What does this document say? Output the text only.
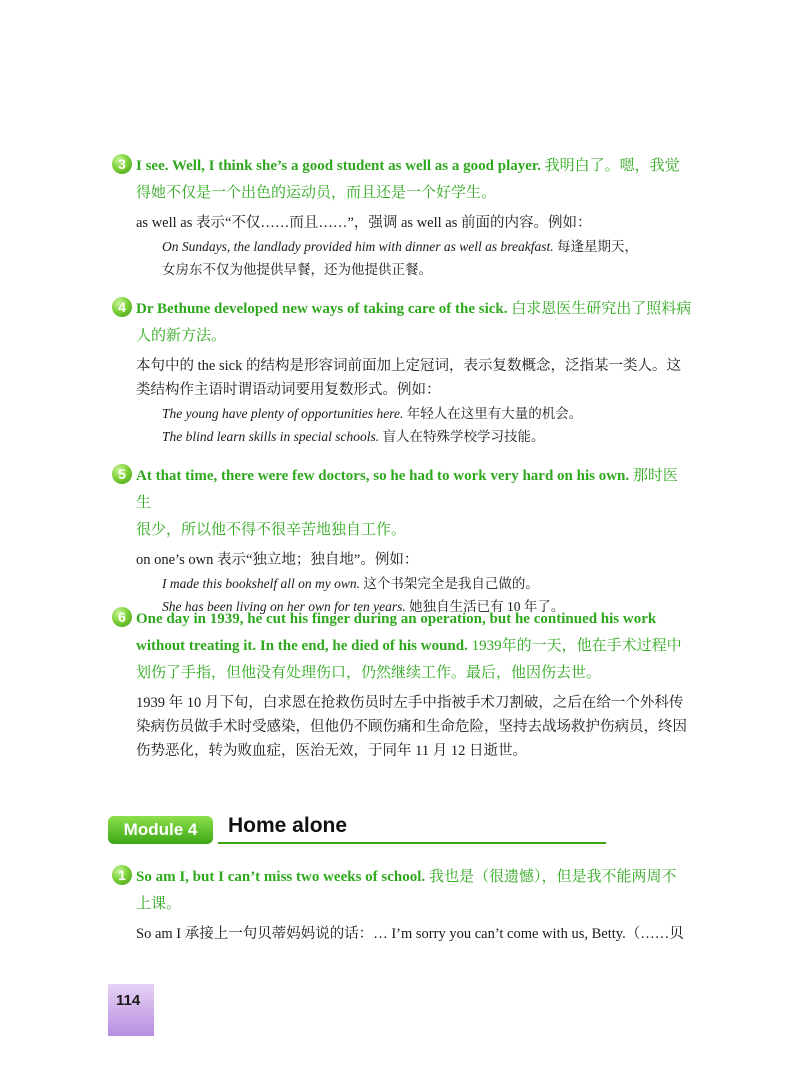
3 I see. Well, I think she’s a good student as well as a good player. 我明白了。嗯，我觉
得她不仅是一个出色的运动员，而且还是一个好学生。
as well as 表示“不仅……而且……”，强调 as well as 前面的内容。例如：
On Sundays, the landlady provided him with dinner as well as breakfast. 每逢星期天，
女房东不仅为他提供早餐，还为他提供正餐。
4 Dr Bethune developed new ways of taking care of the sick. 白求恩医生研究出了照料病
人的新方法。
本句中的 the sick 的结构是形容词前面加上定冠词，表示复数概念，泛指某一类人。这类结构作主语时谓语动词要用复数形式。例如：
The young have plenty of opportunities here. 年轻人在这里有大量的机会。
The blind learn skills in special schools. 盲人在特殊学校学习技能。
5 At that time, there were few doctors, so he had to work very hard on his own. 那时医生
很少，所以他不得不很辛苦地独自工作。
on one’s own 表示“独立地；独自地”。例如：
I made this bookshelf all on my own. 这个书架完全是我自己做的。
She has been living on her own for ten years. 她独自生活已有 10 年了。
6 One day in 1939, he cut his finger during an operation, but he continued his work without treating it. In the end, he died of his wound. 1939年的一天，他在手术过程中
划伤了手指，但他没有处理伤口，仍然继续工作。最后，他因伤去世。
1939 年 10 月下旬，白求恩在抢救伤员时左手中指被手术刀割破，之后在给一个外科传染病伤员做手术时受感染，但他仍不顾伤痛和生命危险，坚持去战场救护伤病员，终因伤势恶化，转为败血症，医治无效，于同年 11 月 12 日逝世。
Module 4	Home alone
1 So am I, but I can’t miss two weeks of school. 我也是（很遗憾），但是我不能两周不
上课。
So am I 承接上一句贝蒂妈妈说的话：… I’m sorry you can’t come with us, Betty.（……贝
114
